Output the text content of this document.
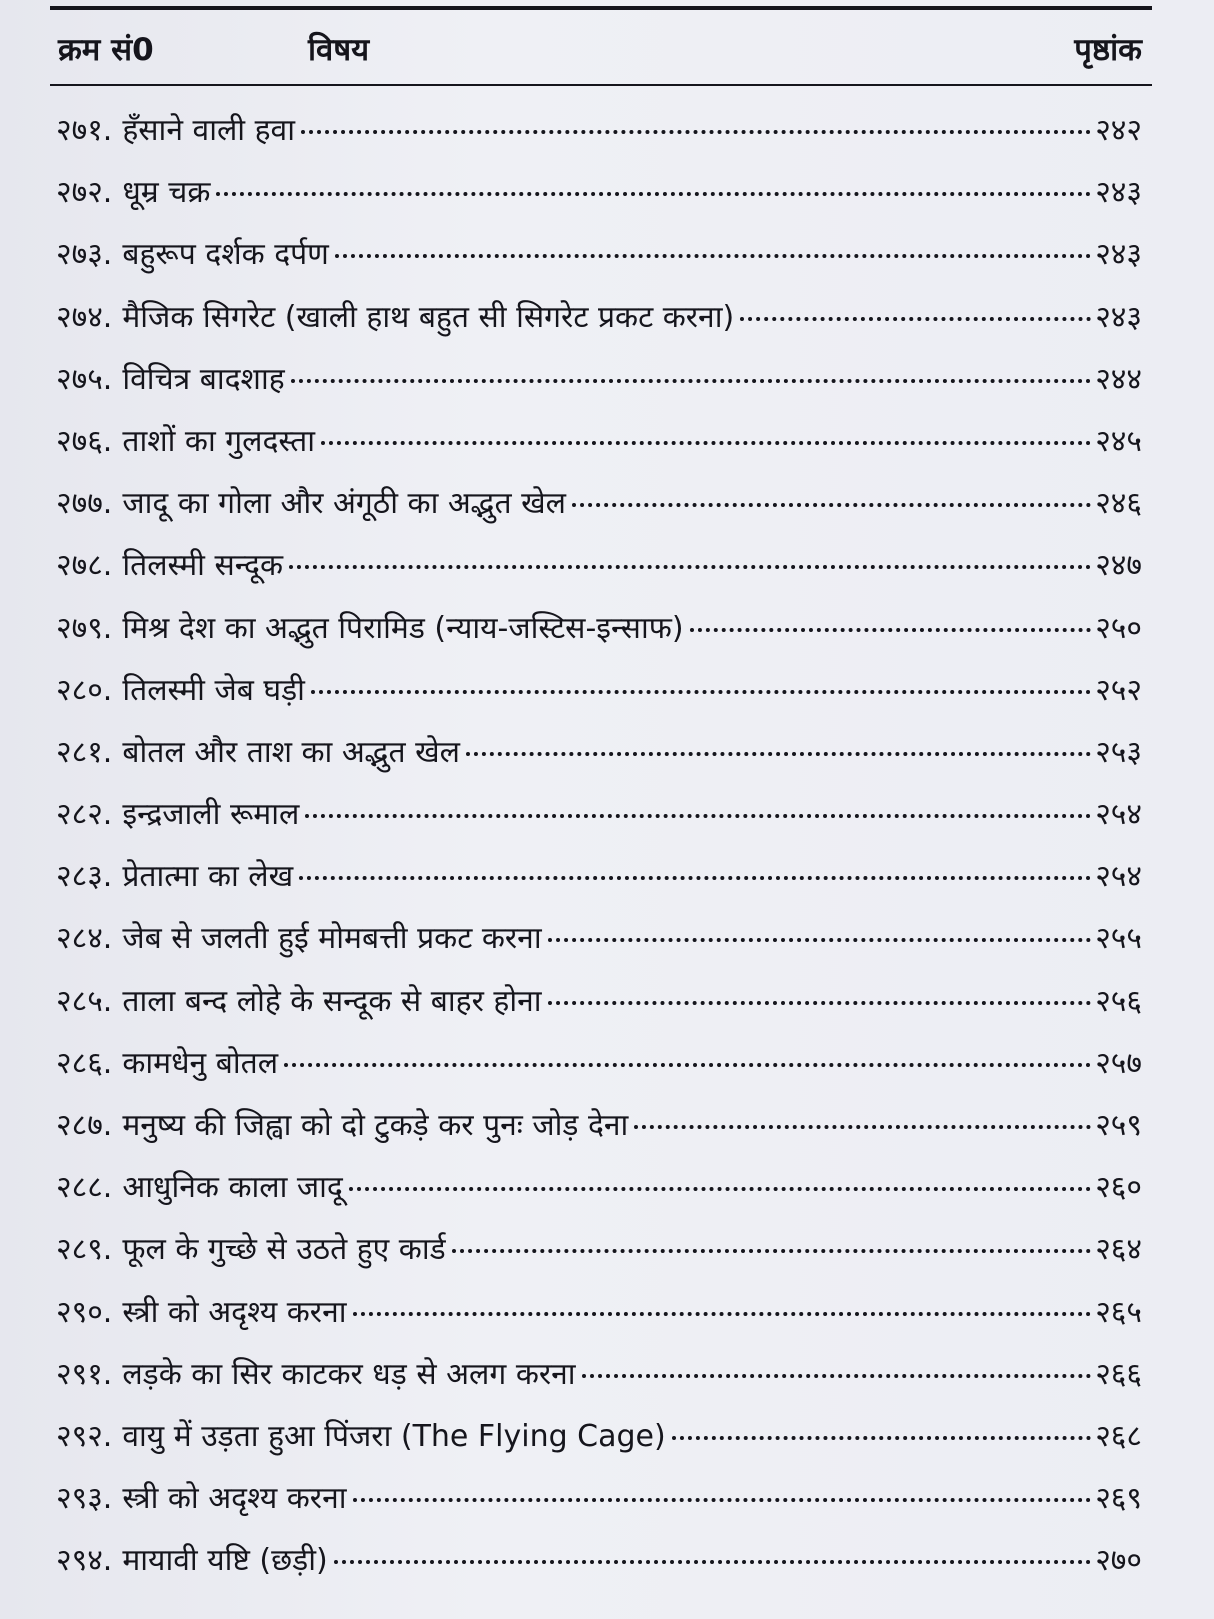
क्रम सं0	विषय	पृष्ठांक
२७१. हँसाने वाली हवा	२४२
२७२. धूम्र चक्र	२४३
२७३. बहुरूप दर्शक दर्पण	२४३
२७४. मैजिक सिगरेट (खाली हाथ बहुत सी सिगरेट प्रकट करना)	२४३
२७५. विचित्र बादशाह	२४४
२७६. ताशों का गुलदस्ता	२४५
२७७. जादू का गोला और अंगूठी का अद्भुत खेल	२४६
२७८. तिलस्मी सन्दूक	२४७
२७९. मिश्र देश का अद्भुत पिरामिड (न्याय-जस्टिस-इन्साफ)	२५०
२८०. तिलस्मी जेब घड़ी	२५२
२८१. बोतल और ताश का अद्भुत खेल	२५३
२८२. इन्द्रजाली रूमाल	२५४
२८३. प्रेतात्मा का लेख	२५४
२८४. जेब से जलती हुई मोमबत्ती प्रकट करना	२५५
२८५. ताला बन्द लोहे के सन्दूक से बाहर होना	२५६
२८६. कामधेनु बोतल	२५७
२८७. मनुष्य की जिह्वा को दो टुकड़े कर पुनः जोड़ देना	२५९
२८८. आधुनिक काला जादू	२६०
२८९. फूल के गुच्छे से उठते हुए कार्ड	२६४
२९०. स्त्री को अदृश्य करना	२६५
२९१. लड़के का सिर काटकर धड़ से अलग करना	२६६
२९२. वायु में उड़ता हुआ पिंजरा (The Flying Cage)	२६८
२९३. स्त्री को अदृश्य करना	२६९
२९४. मायावी यष्टि (छड़ी)	२७०
